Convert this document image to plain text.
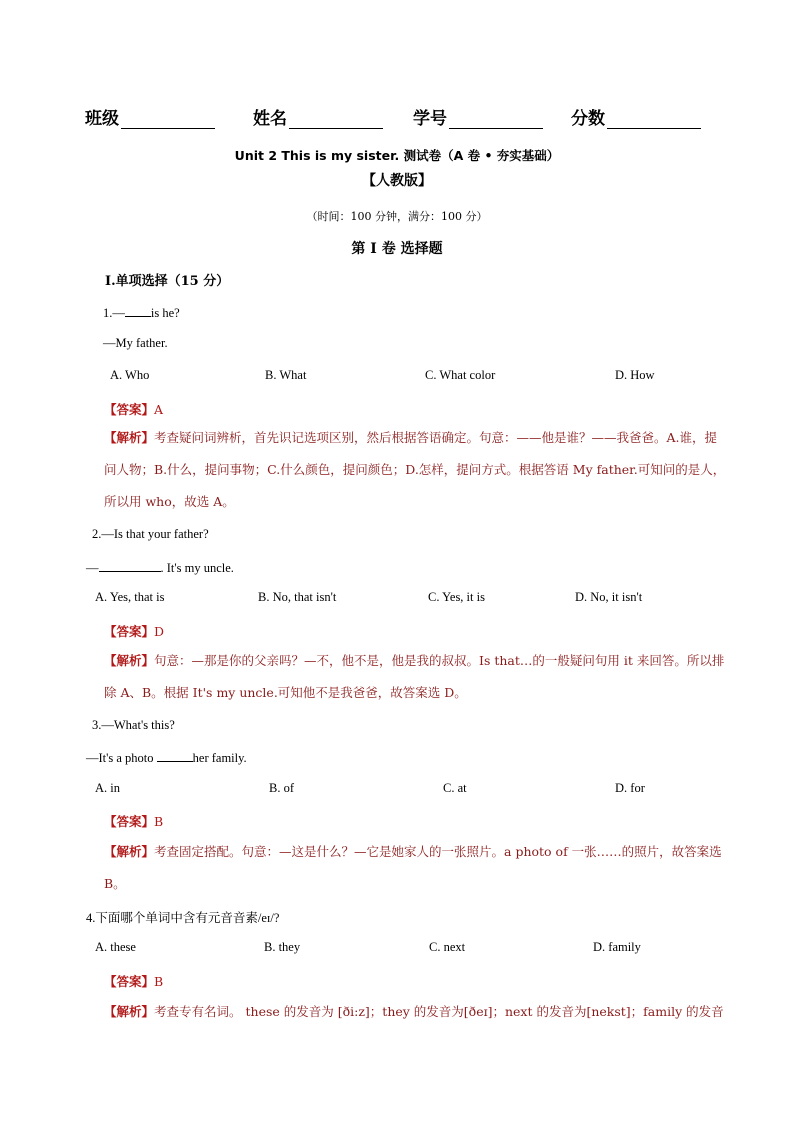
班级	姓名	学号	分数
Unit 2 This is my sister. 测试卷（A 卷 • 夯实基础）
【人教版】
（时间：100 分钟，满分：100 分）
第 I 卷 选择题
I.单项选择（15 分）
1.— is he?
—My father.
A. Who	B. What	C. What color	D. How
【答案】A
【解析】考查疑问词辨析，首先识记选项区别，然后根据答语确定。句意：——他是谁？——我爸爸。A.谁，提问人物；B.什么，提问事物；C.什么颜色，提问颜色；D.怎样，提问方式。根据答语 My father.可知问的是人，所以用 who，故选 A。
2.—Is that your father?
—	. It's my uncle.
A. Yes, that is	B. No, that isn't	C. Yes, it is	D. No, it isn't
【答案】D
【解析】句意：—那是你的父亲吗？—不，他不是，他是我的叔叔。Is that…的一般疑问句用 it 来回答。所以排除 A、B。根据 It's my uncle.可知他不是我爸爸，故答案选 D。
3.—What's this?
—It's a photo	her family.
A. in	B. of	C. at	D. for
【答案】B
【解析】考查固定搭配。句意：—这是什么？—它是她家人的一张照片。a photo of 一张……的照片，故答案选 B。
4.下面哪个单词中含有元音音素/eɪ/?
A. these	B. they	C. next	D. family
【答案】B
【解析】考查专有名词。 these 的发音为 [ði:z]；they 的发音为[ðeɪ]；next 的发音为[nekst]；family 的发音
